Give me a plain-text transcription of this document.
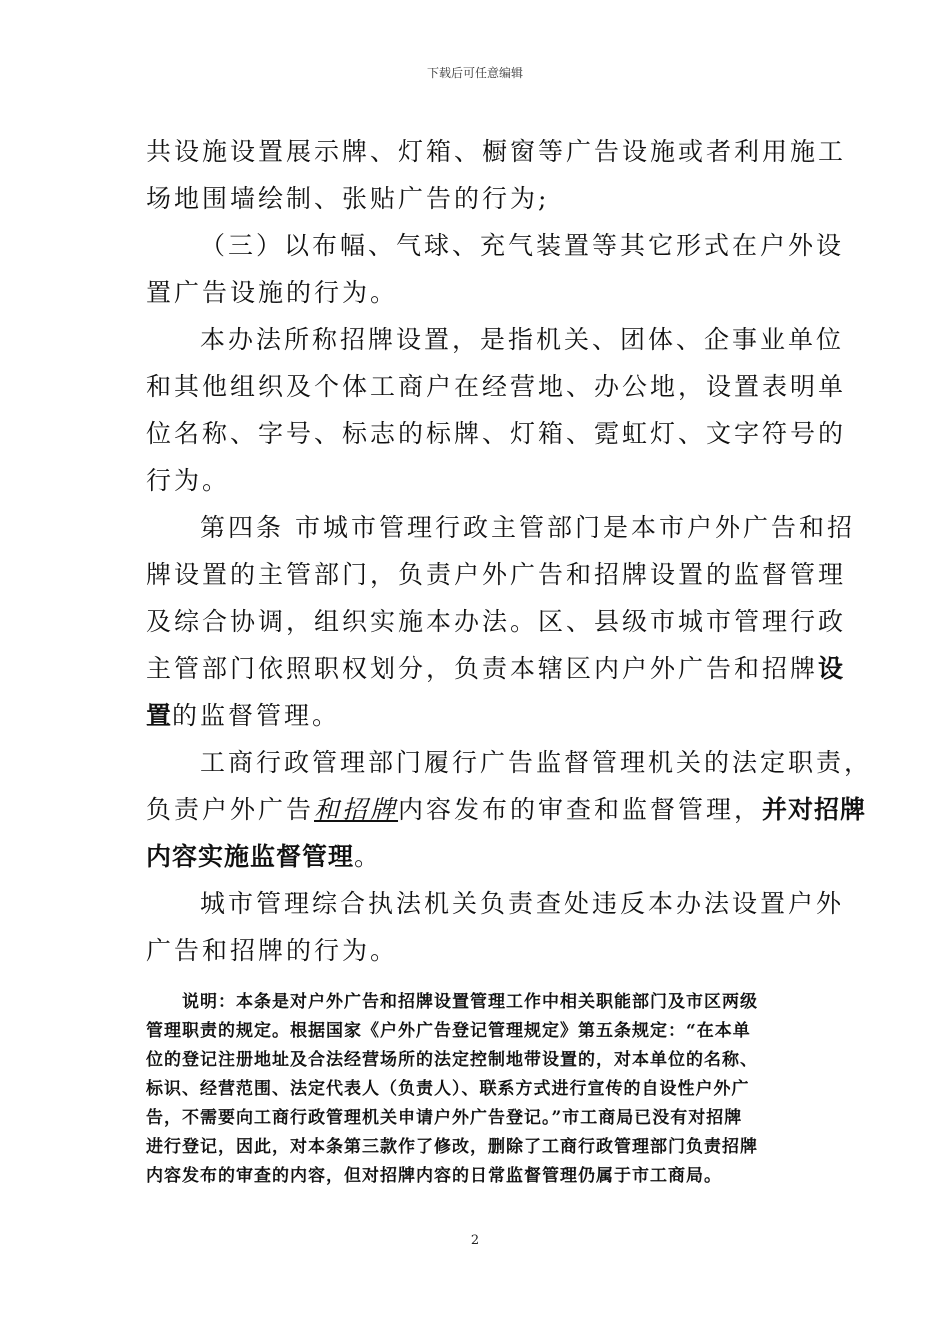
下载后可任意编辑

共设施设置展示牌、灯箱、橱窗等广告设施或者利用施工
场地围墙绘制、张贴广告的行为;

（三）以布幅、气球、充气装置等其它形式在户外设
置广告设施的行为。

本办法所称招牌设置，是指机关、团体、企事业单位
和其他组织及个体工商户在经营地、办公地，设置表明单
位名称、字号、标志的标牌、灯箱、霓虹灯、文字符号的
行为。

第四条 市城市管理行政主管部门是本市户外广告和招
牌设置的主管部门，负责户外广告和招牌设置的监督管理
及综合协调，组织实施本办法。区、县级市城市管理行政
主管部门依照职权划分，负责本辖区内户外广告和招牌设
置的监督管理。

工商行政管理部门履行广告监督管理机关的法定职责，
负责户外广告和招牌内容发布的审查和监督管理，并对招牌
内容实施监督管理。

城市管理综合执法机关负责查处违反本办法设置户外
广告和招牌的行为。

说明：本条是对户外广告和招牌设置管理工作中相关职能部门及市区两级
管理职责的规定。根据国家《户外广告登记管理规定》第五条规定：“在本单
位的登记注册地址及合法经营场所的法定控制地带设置的，对本单位的名称、
标识、经营范围、法定代表人（负责人）、联系方式进行宣传的自设性户外广
告，不需要向工商行政管理机关申请户外广告登记。”市工商局已没有对招牌
进行登记，因此，对本条第三款作了修改，删除了工商行政管理部门负责招牌
内容发布的审查的内容，但对招牌内容的日常监督管理仍属于市工商局。
2
